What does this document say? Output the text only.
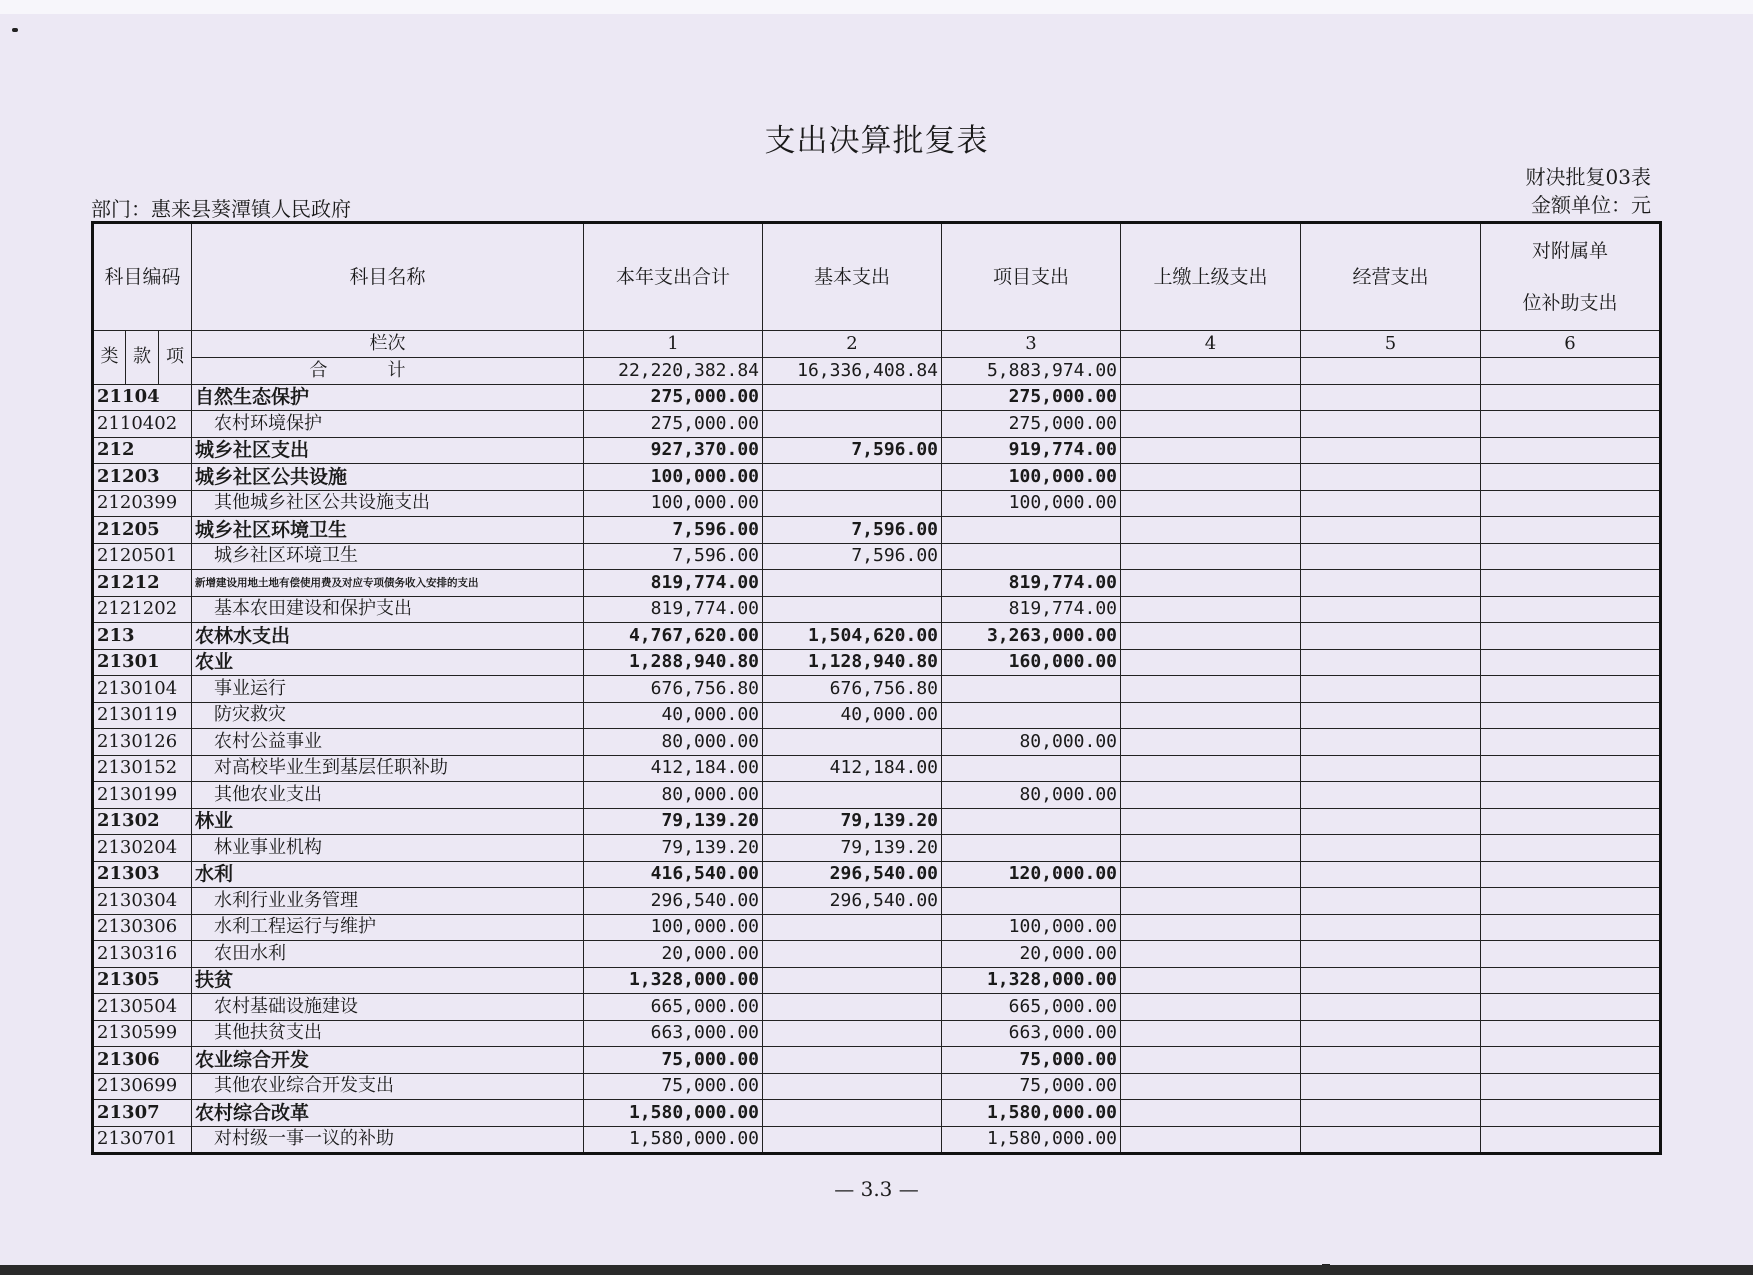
支出决算批复表
财决批复03表
金额单位：元
部门：惠来县葵潭镇人民政府
科目编码			科目名称	本年支出合计	基本支出	项目支出	上缴上级支出	经营支出	对附属单
位补助支出

类	款	项	栏次	1	2	3	4	5	6
			合计	22,220,382.84	16,336,408.84	5,883,974.00			
21104			自然生态保护	275,000.00		275,000.00			
2110402			农村环境保护	275,000.00		275,000.00			
212			城乡社区支出	927,370.00	7,596.00	919,774.00			
21203			城乡社区公共设施	100,000.00		100,000.00			
2120399			其他城乡社区公共设施支出	100,000.00		100,000.00			
21205			城乡社区环境卫生	7,596.00	7,596.00				
2120501			城乡社区环境卫生	7,596.00	7,596.00				
21212			新增建设用地土地有偿使用费及对应专项债务收入安排的支出	819,774.00		819,774.00			
2121202			基本农田建设和保护支出	819,774.00		819,774.00			
213			农林水支出	4,767,620.00	1,504,620.00	3,263,000.00			
21301			农业	1,288,940.80	1,128,940.80	160,000.00			
2130104			事业运行	676,756.80	676,756.80				
2130119			防灾救灾	40,000.00	40,000.00				
2130126			农村公益事业	80,000.00		80,000.00			
2130152			对高校毕业生到基层任职补助	412,184.00	412,184.00				
2130199			其他农业支出	80,000.00		80,000.00			
21302			林业	79,139.20	79,139.20				
2130204			林业事业机构	79,139.20	79,139.20				
21303			水利	416,540.00	296,540.00	120,000.00			
2130304			水利行业业务管理	296,540.00	296,540.00				
2130306			水利工程运行与维护	100,000.00		100,000.00			
2130316			农田水利	20,000.00		20,000.00			
21305			扶贫	1,328,000.00		1,328,000.00			
2130504			农村基础设施建设	665,000.00		665,000.00			
2130599			其他扶贫支出	663,000.00		663,000.00			
21306			农业综合开发	75,000.00		75,000.00			
2130699			其他农业综合开发支出	75,000.00		75,000.00			
21307			农村综合改革	1,580,000.00		1,580,000.00			
2130701			对村级一事一议的补助	1,580,000.00		1,580,000.00			
— 3.3 —
